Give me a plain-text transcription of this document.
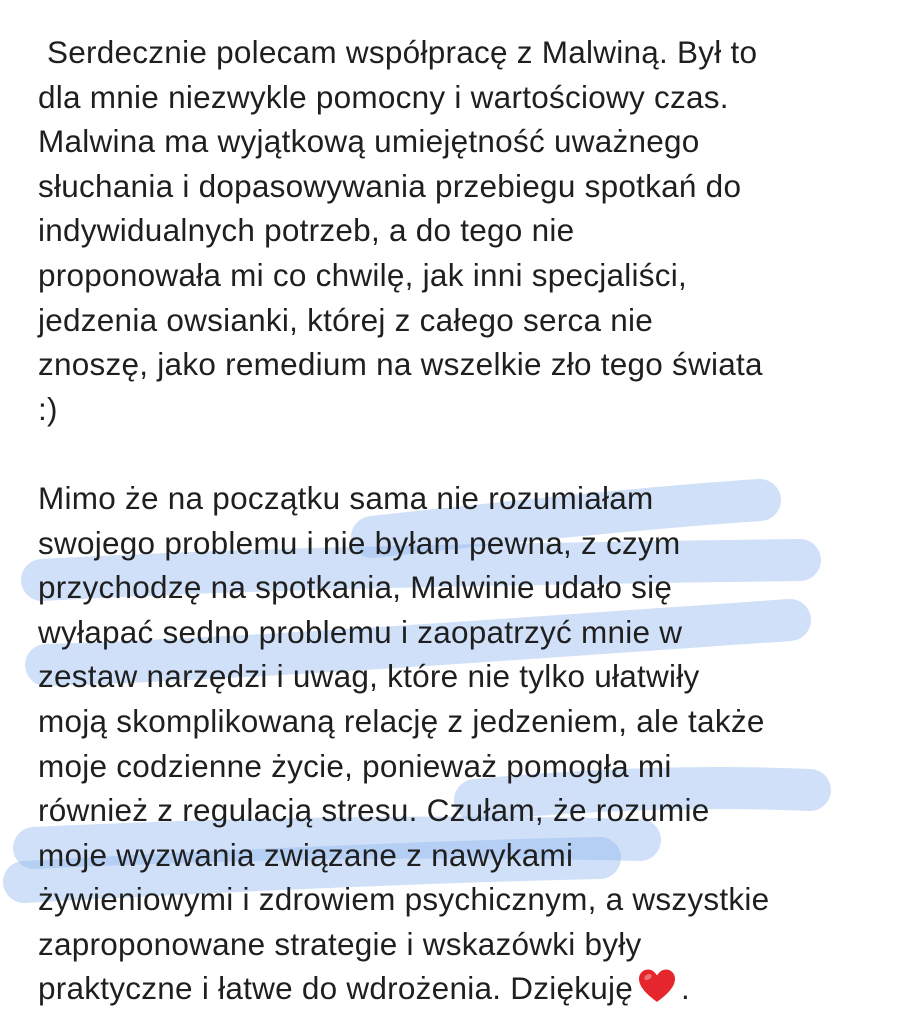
Serdecznie polecam współpracę z Malwiną. Był to
dla mnie niezwykle pomocny i wartościowy czas.
Malwina ma wyjątkową umiejętność uważnego
słuchania i dopasowywania przebiegu spotkań do
indywidualnych potrzeb, a do tego nie
proponowała mi co chwilę, jak inni specjaliści,
jedzenia owsianki, której z całego serca nie
znoszę, jako remedium na wszelkie zło tego świata
:)
Mimo że na początku sama nie rozumiałam
swojego problemu i nie byłam pewna, z czym
przychodzę na spotkania, Malwinie udało się
wyłapać sedno problemu i zaopatrzyć mnie w
zestaw narzędzi i uwag, które nie tylko ułatwiły
moją skomplikowaną relację z jedzeniem, ale także
moje codzienne życie, ponieważ pomogła mi
również z regulacją stresu. Czułam, że rozumie
moje wyzwania związane z nawykami
żywieniowymi i zdrowiem psychicznym, a wszystkie
zaproponowane strategie i wskazówki były
praktyczne i łatwe do wdrożenia. Dziękuję .
